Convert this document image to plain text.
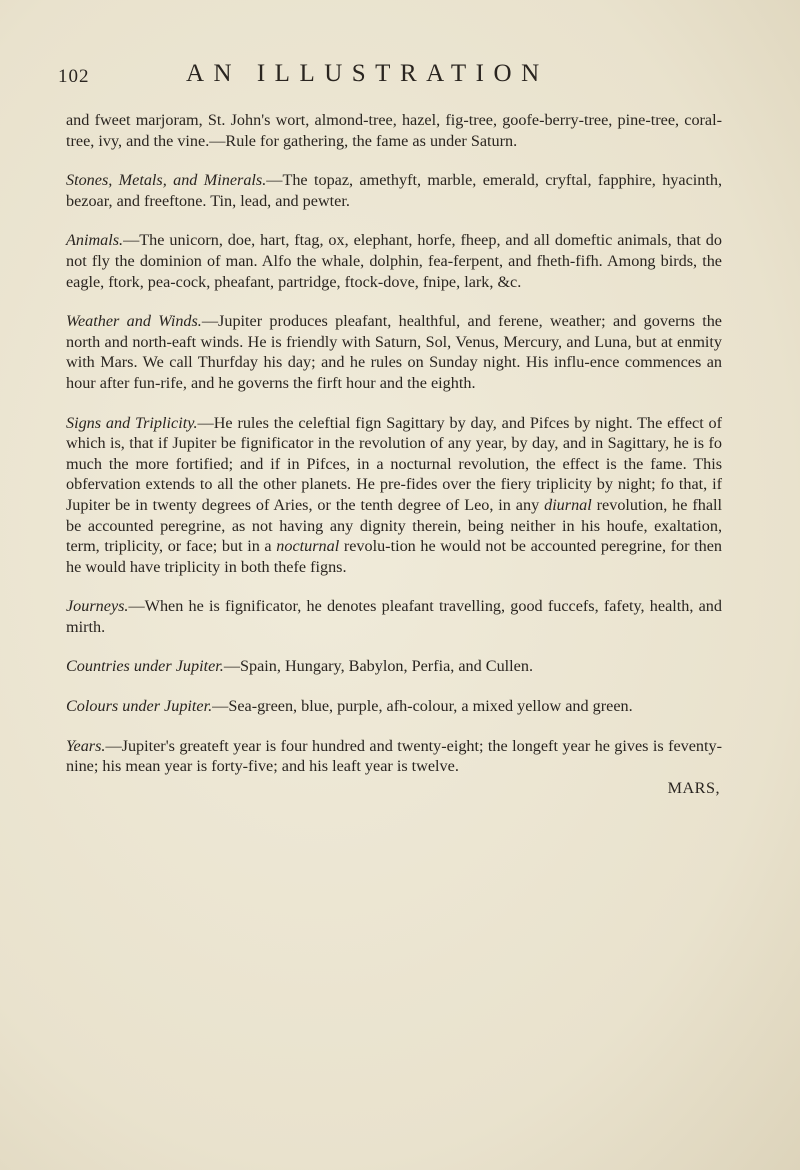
102	AN ILLUSTRATION

and fweet marjoram, St. John's wort, almond-tree, hazel, fig-tree, goofe-berry-tree, pine-tree, coral-tree, ivy, and the vine.—Rule for gathering, the fame as under Saturn.

Stones, Metals, and Minerals.—The topaz, amethyft, marble, emerald, cryftal, fapphire, hyacinth, bezoar, and freeftone. Tin, lead, and pewter.

Animals.—The unicorn, doe, hart, ftag, ox, elephant, horfe, fheep, and all domeftic animals, that do not fly the dominion of man. Alfo the whale, dolphin, fea-ferpent, and fheth-fifh. Among birds, the eagle, ftork, pea-cock, pheafant, partridge, ftock-dove, fnipe, lark, &c.

Weather and Winds.—Jupiter produces pleafant, healthful, and ferene, weather; and governs the north and north-eaft winds. He is friendly with Saturn, Sol, Venus, Mercury, and Luna, but at enmity with Mars. We call Thurfday his day; and he rules on Sunday night. His influ-ence commences an hour after fun-rife, and he governs the firft hour and the eighth.

Signs and Triplicity.—He rules the celeftial fign Sagittary by day, and Pifces by night. The effect of which is, that if Jupiter be fignificator in the revolution of any year, by day, and in Sagittary, he is fo much the more fortified; and if in Pifces, in a nocturnal revolution, the effect is the fame. This obfervation extends to all the other planets. He pre-fides over the fiery triplicity by night; fo that, if Jupiter be in twenty degrees of Aries, or the tenth degree of Leo, in any diurnal revolution, he fhall be accounted peregrine, as not having any dignity therein, being neither in his houfe, exaltation, term, triplicity, or face; but in a nocturnal revolu-tion he would not be accounted peregrine, for then he would have triplicity in both thefe figns.

Journeys.—When he is fignificator, he denotes pleafant travelling, good fuccefs, fafety, health, and mirth.

Countries under Jupiter.—Spain, Hungary, Babylon, Perfia, and Cullen.

Colours under Jupiter.—Sea-green, blue, purple, afh-colour, a mixed yellow and green.

Years.—Jupiter's greateft year is four hundred and twenty-eight; the longeft year he gives is feventy-nine; his mean year is forty-five; and his leaft year is twelve.

MARS,
